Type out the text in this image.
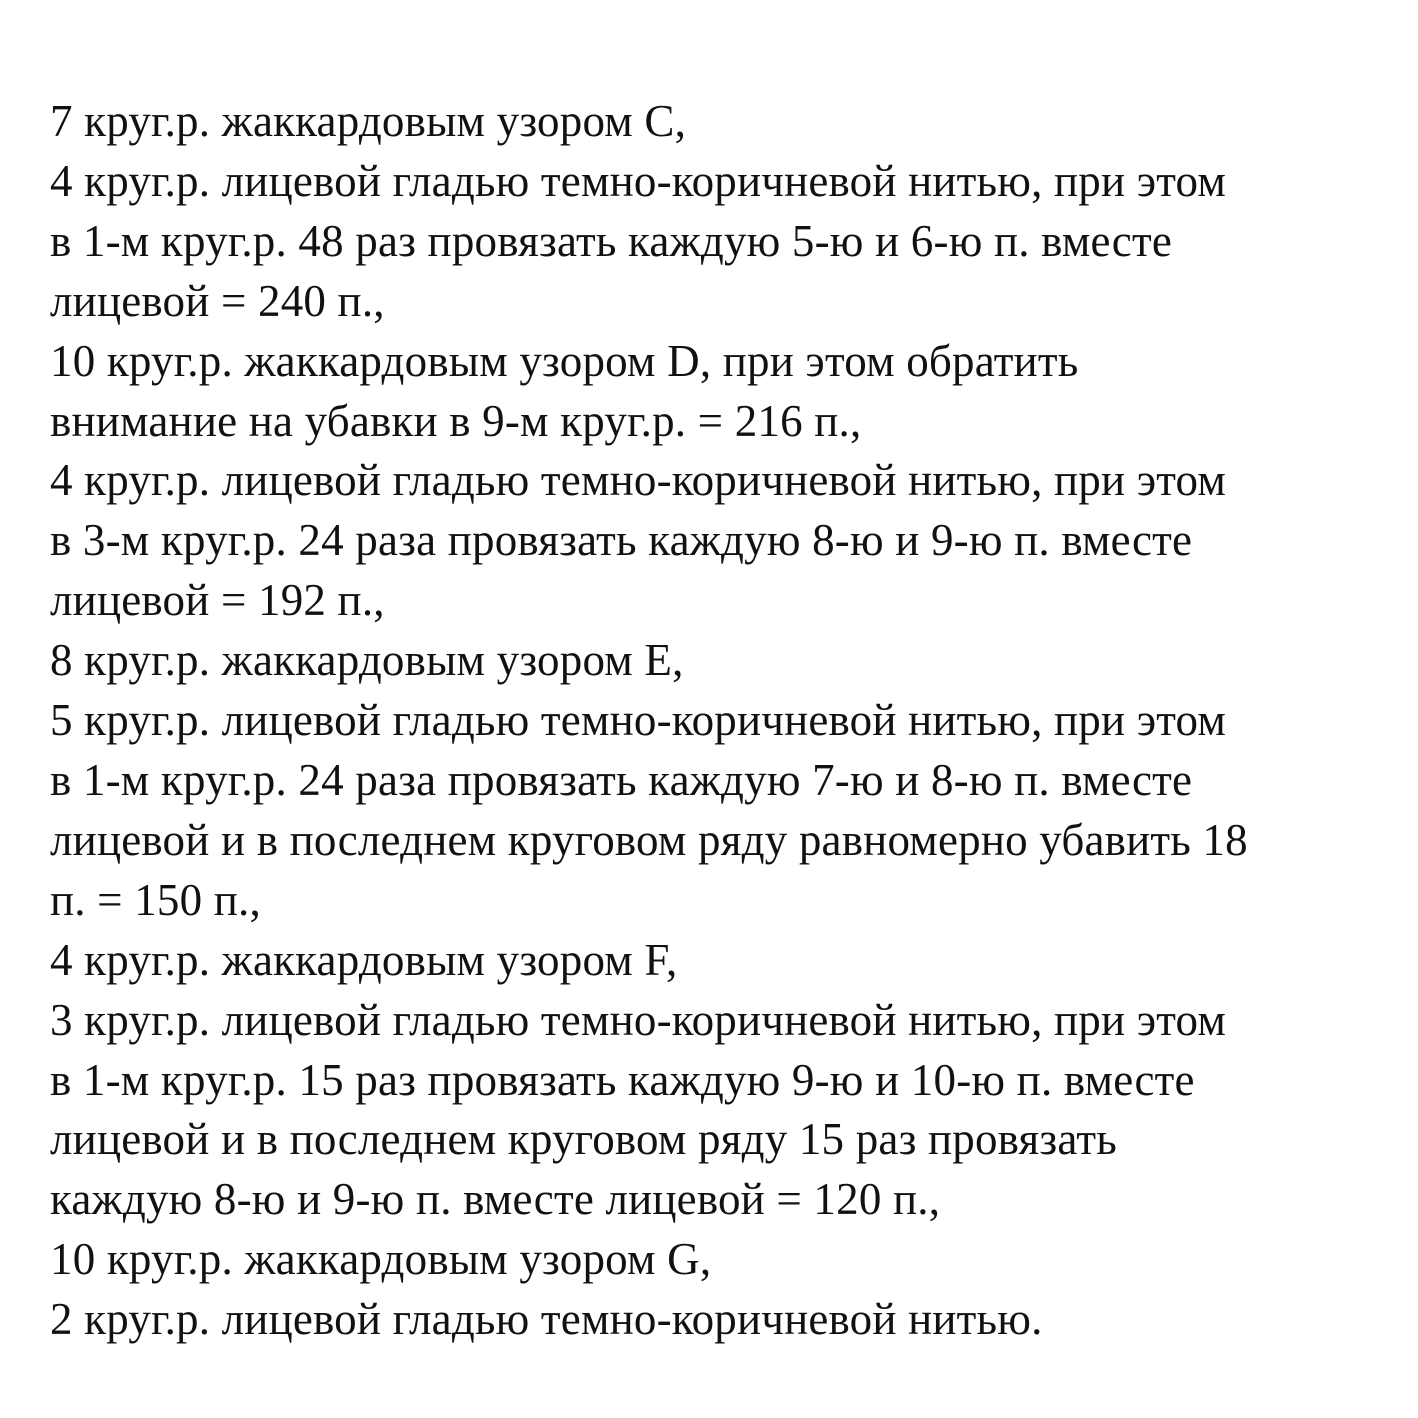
7 круг.р. жаккардовым узором С,
4 круг.р. лицевой гладью темно-коричневой нитью, при этом
в 1-м круг.р. 48 раз провязать каждую 5-ю и 6-ю п. вместе
лицевой = 240 п.,
10 круг.р. жаккардовым узором D, при этом обратить
внимание на убавки в 9-м круг.р. = 216 п.,
4 круг.р. лицевой гладью темно-коричневой нитью, при этом
в 3-м круг.р. 24 раза провязать каждую 8-ю и 9-ю п. вместе
лицевой = 192 п.,
8 круг.р. жаккардовым узором Е,
5 круг.р. лицевой гладью темно-коричневой нитью, при этом
в 1-м круг.р. 24 раза провязать каждую 7-ю и 8-ю п. вместе
лицевой и в последнем круговом ряду равномерно убавить 18
п. = 150 п.,
4 круг.р. жаккардовым узором F,
3 круг.р. лицевой гладью темно-коричневой нитью, при этом
в 1-м круг.р. 15 раз провязать каждую 9-ю и 10-ю п. вместе
лицевой и в последнем круговом ряду 15 раз провязать
каждую 8-ю и 9-ю п. вместе лицевой = 120 п.,
10 круг.р. жаккардовым узором G,
2 круг.р. лицевой гладью темно-коричневой нитью.
